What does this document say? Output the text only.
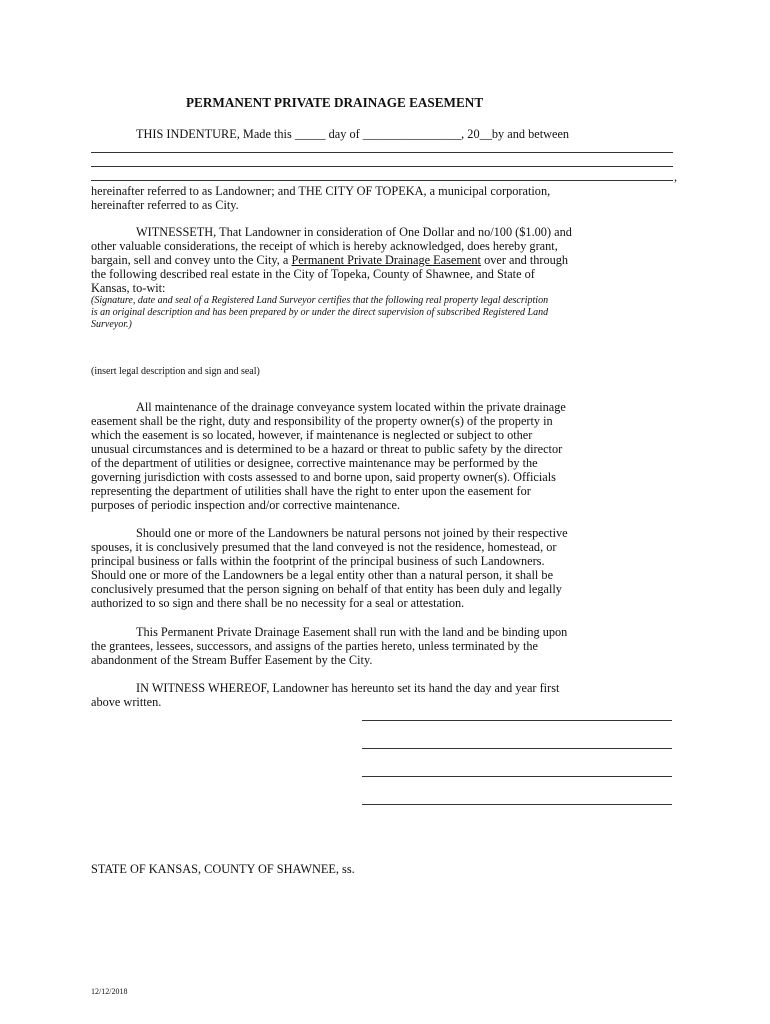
PERMANENT PRIVATE DRAINAGE EASEMENT
THIS INDENTURE, Made this _____ day of ________________, 20__by and between
,
hereinafter referred to as Landowner; and THE CITY OF TOPEKA, a municipal corporation,
hereinafter referred to as City.
WITNESSETH, That Landowner in consideration of One Dollar and no/100 ($1.00) and
other valuable considerations, the receipt of which is hereby acknowledged, does hereby grant,
bargain, sell and convey unto the City, a Permanent Private Drainage Easement over and through
the following described real estate in the City of Topeka, County of Shawnee, and State of
Kansas, to-wit:
(Signature, date and seal of a Registered Land Surveyor certifies that the following real property legal description
is an original description and has been prepared by or under the direct supervision of subscribed Registered Land
Surveyor.)
(insert legal description and sign and seal)
All maintenance of the drainage conveyance system located within the private drainage
easement shall be the right, duty and responsibility of the property owner(s) of the property in
which the easement is so located, however, if maintenance is neglected or subject to other
unusual circumstances and is determined to be a hazard or threat to public safety by the director
of the department of utilities or designee, corrective maintenance may be performed by the
governing jurisdiction with costs assessed to and borne upon, said property owner(s). Officials
representing the department of utilities shall have the right to enter upon the easement for
purposes of periodic inspection and/or corrective maintenance.
Should one or more of the Landowners be natural persons not joined by their respective
spouses, it is conclusively presumed that the land conveyed is not the residence, homestead, or
principal business or falls within the footprint of the principal business of such Landowners.
Should one or more of the Landowners be a legal entity other than a natural person, it shall be
conclusively presumed that the person signing on behalf of that entity has been duly and legally
authorized to so sign and there shall be no necessity for a seal or attestation.
This Permanent Private Drainage Easement shall run with the land and be binding upon
the grantees, lessees, successors, and assigns of the parties hereto, unless terminated by the
abandonment of the Stream Buffer Easement by the City.
IN WITNESS WHEREOF, Landowner has hereunto set its hand the day and year first
above written.
STATE OF KANSAS, COUNTY OF SHAWNEE, ss.
12/12/2018
